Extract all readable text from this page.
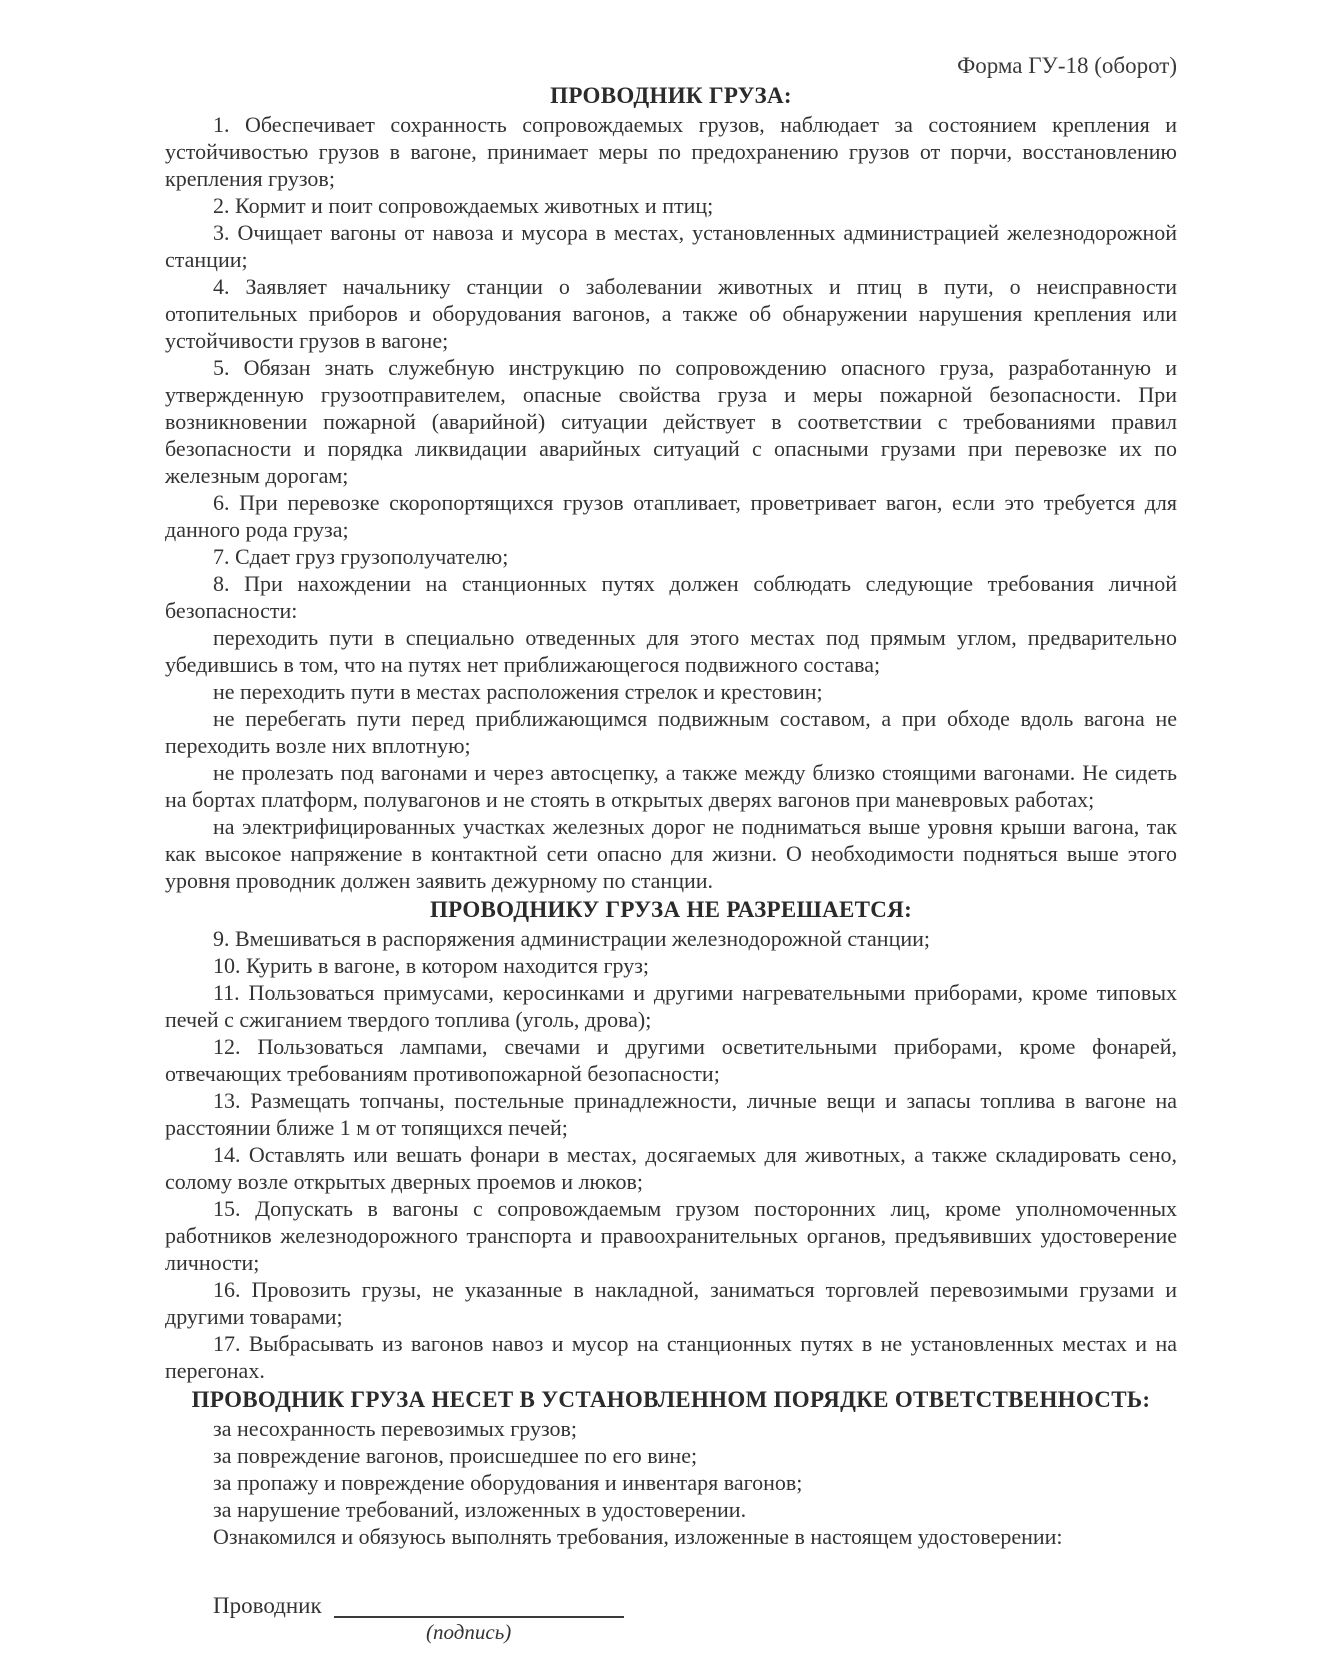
Форма ГУ-18 (оборот)
ПРОВОДНИК ГРУЗА:

1. Обеспечивает сохранность сопровождаемых грузов, наблюдает за состоянием крепления и устойчивостью грузов в вагоне, принимает меры по предохранению грузов от порчи, восстановлению крепления грузов;

2. Кормит и поит сопровождаемых животных и птиц;

3. Очищает вагоны от навоза и мусора в местах, установленных администрацией железнодорожной станции;

4. Заявляет начальнику станции о заболевании животных и птиц в пути, о неисправности отопительных приборов и оборудования вагонов, а также об обнаружении нарушения крепления или устойчивости грузов в вагоне;

5. Обязан знать служебную инструкцию по сопровождению опасного груза, разработанную и утвержденную грузоотправителем, опасные свойства груза и меры пожарной безопасности. При возникновении пожарной (аварийной) ситуации действует в соответствии с требованиями правил безопасности и порядка ликвидации аварийных ситуаций с опасными грузами при перевозке их по железным дорогам;

6. При перевозке скоропортящихся грузов отапливает, проветривает вагон, если это требуется для данного рода груза;

7. Сдает груз грузополучателю;

8. При нахождении на станционных путях должен соблюдать следующие требования личной безопасности:

переходить пути в специально отведенных для этого местах под прямым углом, предварительно убедившись в том, что на путях нет приближающегося подвижного состава;

не переходить пути в местах расположения стрелок и крестовин;

не перебегать пути перед приближающимся подвижным составом, а при обходе вдоль вагона не переходить возле них вплотную;

не пролезать под вагонами и через автосцепку, а также между близко стоящими вагонами. Не сидеть на бортах платформ, полувагонов и не стоять в открытых дверях вагонов при маневровых работах;

на электрифицированных участках железных дорог не подниматься выше уровня крыши вагона, так как высокое напряжение в контактной сети опасно для жизни. О необходимости подняться выше этого уровня проводник должен заявить дежурному по станции.

ПРОВОДНИКУ ГРУЗА НЕ РАЗРЕШАЕТСЯ:

9. Вмешиваться в распоряжения администрации железнодорожной станции;

10. Курить в вагоне, в котором находится груз;

11. Пользоваться примусами, керосинками и другими нагревательными приборами, кроме типовых печей с сжиганием твердого топлива (уголь, дрова);

12. Пользоваться лампами, свечами и другими осветительными приборами, кроме фонарей, отвечающих требованиям противопожарной безопасности;

13. Размещать топчаны, постельные принадлежности, личные вещи и запасы топлива в вагоне на расстоянии ближе 1 м от топящихся печей;

14. Оставлять или вешать фонари в местах, досягаемых для животных, а также складировать сено, солому возле открытых дверных проемов и люков;

15. Допускать в вагоны с сопровождаемым грузом посторонних лиц, кроме уполномоченных работников железнодорожного транспорта и правоохранительных органов, предъявивших удостоверение личности;

16. Провозить грузы, не указанные в накладной, заниматься торговлей перевозимыми грузами и другими товарами;

17. Выбрасывать из вагонов навоз и мусор на станционных путях в не установленных местах и на перегонах.

ПРОВОДНИК ГРУЗА НЕСЕТ В УСТАНОВЛЕННОМ ПОРЯДКЕ ОТВЕТСТВЕННОСТЬ:

за несохранность перевозимых грузов;

за повреждение вагонов, происшедшее по его вине;

за пропажу и повреждение оборудования и инвентаря вагонов;

за нарушение требований, изложенных в удостоверении.

Ознакомился и обязуюсь выполнять требования, изложенные в настоящем удостоверении:

Проводник
(подпись)
